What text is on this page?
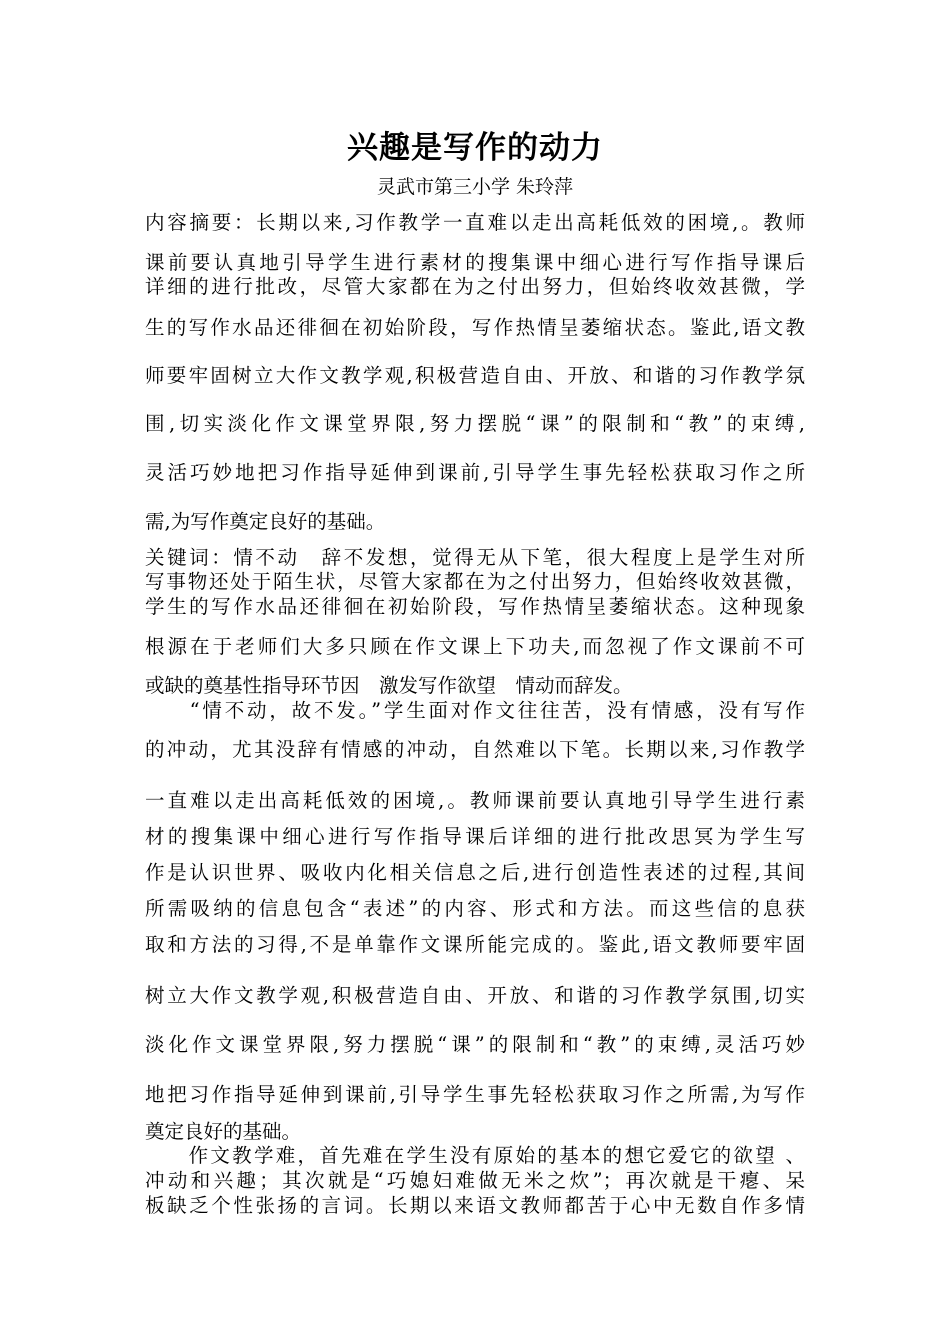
兴趣是写作的动力
灵武市第三小学 朱玲萍
内容摘要：长期以来,习作教学一直难以走出高耗低效的困境,。教师
课前要认真地引导学生进行素材的搜集课中细心进行写作指导课后
详细的进行批改，尽管大家都在为之付出努力，但始终收效甚微，学
生的写作水品还徘徊在初始阶段，写作热情呈萎缩状态。鉴此,语文教
师要牢固树立大作文教学观,积极营造自由、开放、和谐的习作教学氛
围,切实淡化作文课堂界限,努力摆脱“课”的限制和“教”的束缚,
灵活巧妙地把习作指导延伸到课前,引导学生事先轻松获取习作之所
需,为写作奠定良好的基础。
关键词：情不动　辞不发想，觉得无从下笔，很大程度上是学生对所
写事物还处于陌生状，尽管大家都在为之付出努力，但始终收效甚微，
学生的写作水品还徘徊在初始阶段，写作热情呈萎缩状态。这种现象
根源在于老师们大多只顾在作文课上下功夫,而忽视了作文课前不可
或缺的奠基性指导环节因　激发写作欲望　情动而辞发。
　　“情不动，故不发。”学生面对作文往往苦，没有情感，没有写作
的冲动，尤其没辞有情感的冲动，自然难以下笔。长期以来,习作教学
一直难以走出高耗低效的困境,。教师课前要认真地引导学生进行素
材的搜集课中细心进行写作指导课后详细的进行批改思冥为学生写
作是认识世界、吸收内化相关信息之后,进行创造性表述的过程,其间
所需吸纳的信息包含“表述”的内容、形式和方法。而这些信的息获
取和方法的习得,不是单靠作文课所能完成的。鉴此,语文教师要牢固
树立大作文教学观,积极营造自由、开放、和谐的习作教学氛围,切实
淡化作文课堂界限,努力摆脱“课”的限制和“教”的束缚,灵活巧妙
地把习作指导延伸到课前,引导学生事先轻松获取习作之所需,为写作
奠定良好的基础。
　　作文教学难，首先难在学生没有原始的基本的想它爱它的欲望 、
冲动和兴趣；其次就是“巧媳妇难做无米之炊”；再次就是干瘪、呆
板缺乏个性张扬的言词。长期以来语文教师都苦于心中无数自作多情
